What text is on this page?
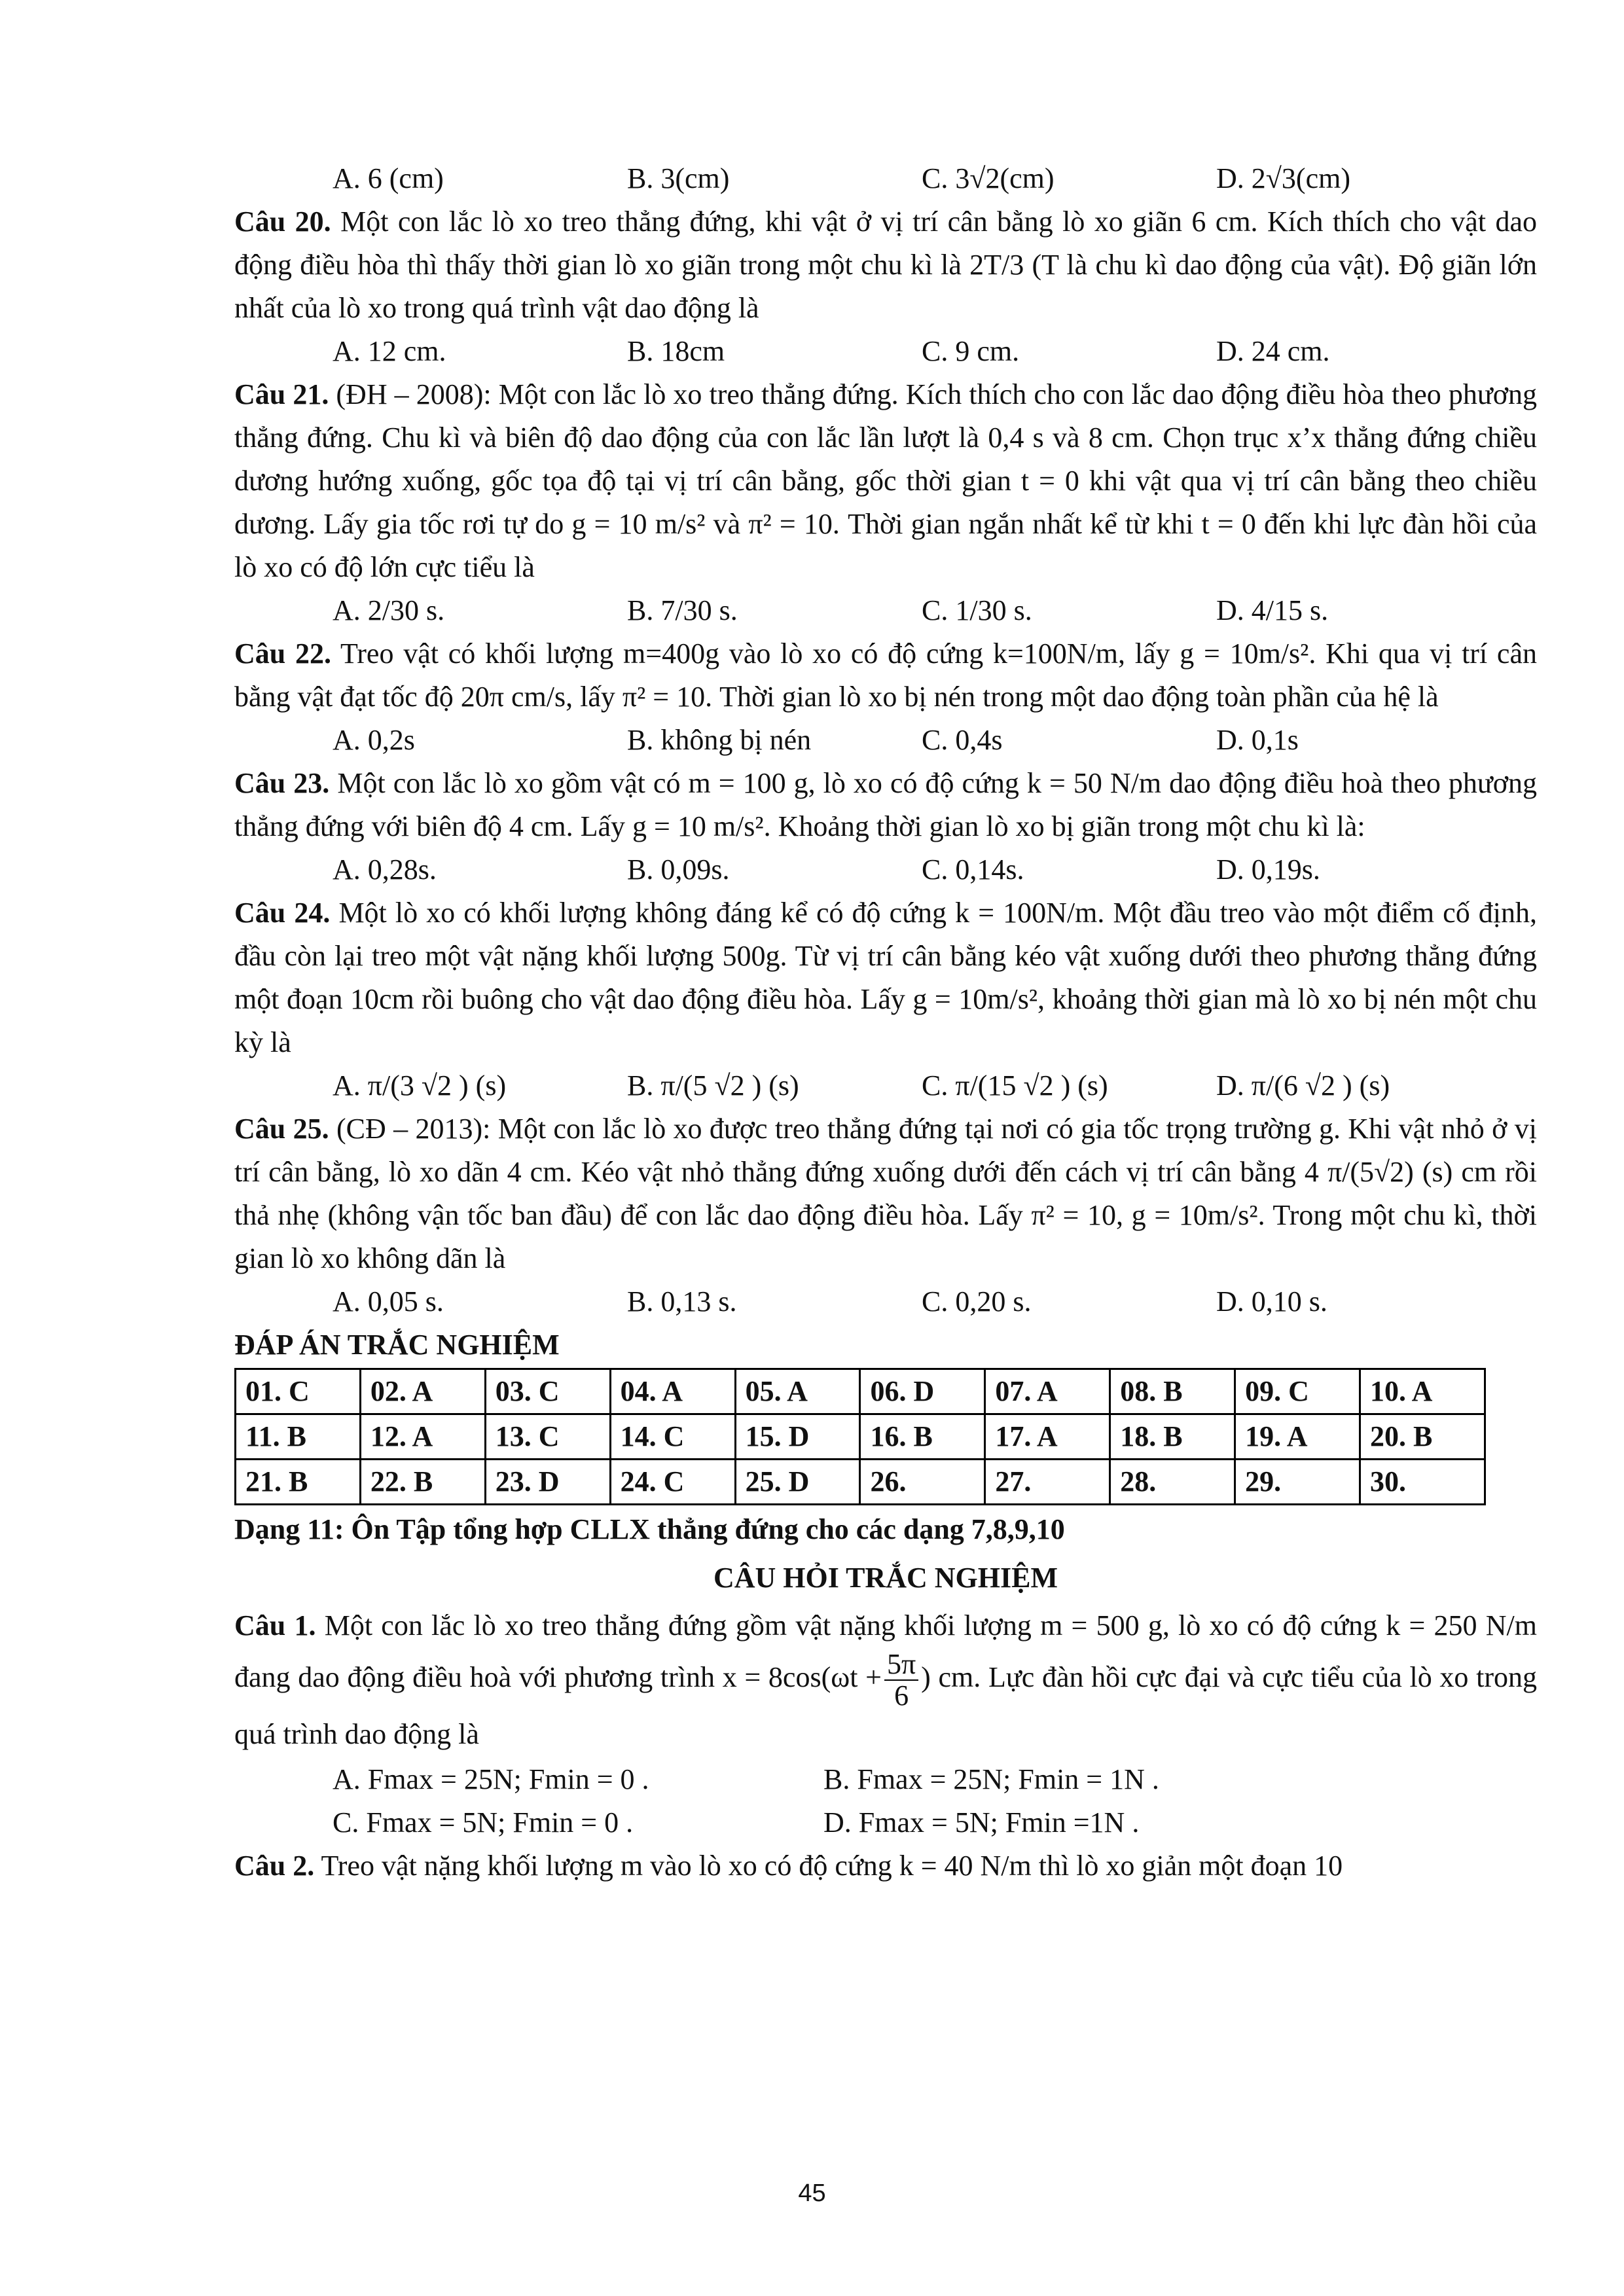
A. 6 (cm)	B. 3(cm)	C. 3√2(cm)	D. 2√3(cm)

Câu 20. Một con lắc lò xo treo thẳng đứng, khi vật ở vị trí cân bằng lò xo giãn 6 cm. Kích thích cho vật dao động điều hòa thì thấy thời gian lò xo giãn trong một chu kì là 2T/3 (T là chu kì dao động của vật). Độ giãn lớn nhất của lò xo trong quá trình vật dao động là

A. 12 cm.	B. 18cm	C. 9 cm.	D. 24 cm.

Câu 21. (ĐH – 2008): Một con lắc lò xo treo thẳng đứng. Kích thích cho con lắc dao động điều hòa theo phương thẳng đứng. Chu kì và biên độ dao động của con lắc lần lượt là 0,4 s và 8 cm. Chọn trục x’x thẳng đứng chiều dương hướng xuống, gốc tọa độ tại vị trí cân bằng, gốc thời gian t = 0 khi vật qua vị trí cân bằng theo chiều dương. Lấy gia tốc rơi tự do g = 10 m/s² và π² = 10. Thời gian ngắn nhất kể từ khi t = 0 đến khi lực đàn hồi của lò xo có độ lớn cực tiểu là

A. 2/30 s.	B. 7/30 s.	C. 1/30 s.	D. 4/15 s.

Câu 22. Treo vật có khối lượng m=400g vào lò xo có độ cứng k=100N/m, lấy g = 10m/s². Khi qua vị trí cân bằng vật đạt tốc độ 20π cm/s, lấy π² = 10. Thời gian lò xo bị nén trong một dao động toàn phần của hệ là

A. 0,2s	B. không bị nén	C. 0,4s	D. 0,1s

Câu 23. Một con lắc lò xo gồm vật có m = 100 g, lò xo có độ cứng k = 50 N/m dao động điều hoà theo phương thẳng đứng với biên độ 4 cm. Lấy g = 10 m/s². Khoảng thời gian lò xo bị giãn trong một chu kì là:

A. 0,28s.	B. 0,09s.	C. 0,14s.	D. 0,19s.

Câu 24. Một lò xo có khối lượng không đáng kể có độ cứng k = 100N/m. Một đầu treo vào một điểm cố định, đầu còn lại treo một vật nặng khối lượng 500g. Từ vị trí cân bằng kéo vật xuống dưới theo phương thẳng đứng một đoạn 10cm rồi buông cho vật dao động điều hòa. Lấy g = 10m/s², khoảng thời gian mà lò xo bị nén một chu kỳ là

A. π/(3 √2 ) (s)	B. π/(5 √2 ) (s)	C. π/(15 √2 ) (s)	D. π/(6 √2 ) (s)

Câu 25. (CĐ – 2013): Một con lắc lò xo được treo thẳng đứng tại nơi có gia tốc trọng trường g. Khi vật nhỏ ở vị trí cân bằng, lò xo dãn 4 cm. Kéo vật nhỏ thẳng đứng xuống dưới đến cách vị trí cân bằng 4 π/(5√2) (s) cm rồi thả nhẹ (không vận tốc ban đầu) để con lắc dao động điều hòa. Lấy π² = 10, g = 10m/s². Trong một chu kì, thời gian lò xo không dãn là

A. 0,05 s.	B. 0,13 s.	C. 0,20 s.	D. 0,10 s.

ĐÁP ÁN TRẮC NGHIỆM

01. C	02. A	03. C	04. A	05. A	06. D	07. A	08. B	09. C	10. A
11. B	12. A	13. C	14. C	15. D	16. B	17. A	18. B	19. A	20. B
21. B	22. B	23. D	24. C	25. D	26.	27.	28.	29.	30.

Dạng 11: Ôn Tập tổng hợp CLLX thẳng đứng cho các dạng 7,8,9,10

CÂU HỎI TRẮC NGHIỆM

Câu 1. Một con lắc lò xo treo thẳng đứng gồm vật nặng khối lượng m = 500 g, lò xo có độ cứng k = 250 N/m đang dao động điều hoà với phương trình $x = 8\cos(\omega t + \frac{5\pi}{6}$ ) cm. Lực đàn hồi cực đại và cực tiểu của lò xo trong quá trình dao động là

A. Fmax = 25N; Fmin = 0 .	B. Fmax = 25N; Fmin = 1N .
C. Fmax = 5N; Fmin = 0 .	D. Fmax = 5N; Fmin =1N .

Câu 2. Treo vật nặng khối lượng m vào lò xo có độ cứng k = 40 N/m thì lò xo giản một đoạn 10

45
